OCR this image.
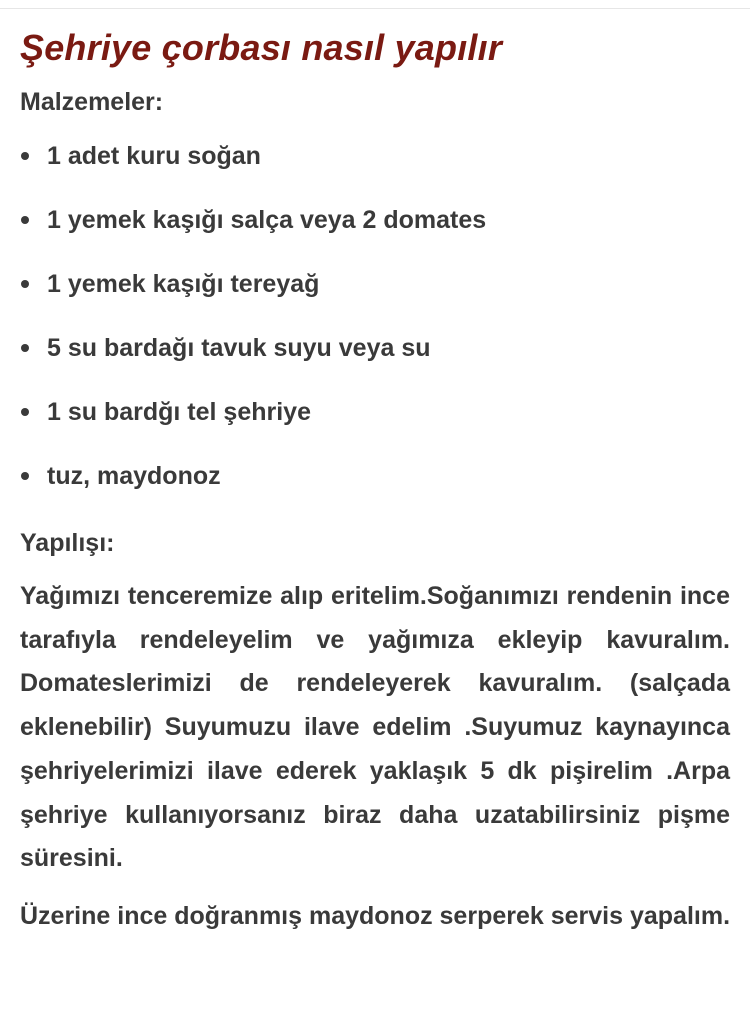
Şehriye çorbası nasıl yapılır

Malzemeler:

1 adet kuru soğan
1 yemek kaşığı salça veya 2 domates
1 yemek kaşığı tereyağ
5 su bardağı tavuk suyu veya su
1 su bardğı tel şehriye
tuz, maydonoz

Yapılışı:

Yağımızı tenceremize alıp eritelim.Soğanımızı rendenin ince tarafıyla rendeleyelim ve yağımıza ekleyip kavuralım. Domateslerimizi de rendeleyerek kavuralım. (salçada eklenebilir) Suyumuzu ilave edelim .Suyumuz kaynayınca şehriyelerimizi ilave ederek yaklaşık 5 dk pişirelim .Arpa şehriye kullanıyorsanız biraz daha uzatabilirsiniz pişme süresini.

Üzerine ince doğranmış maydonoz serperek servis yapalım.
